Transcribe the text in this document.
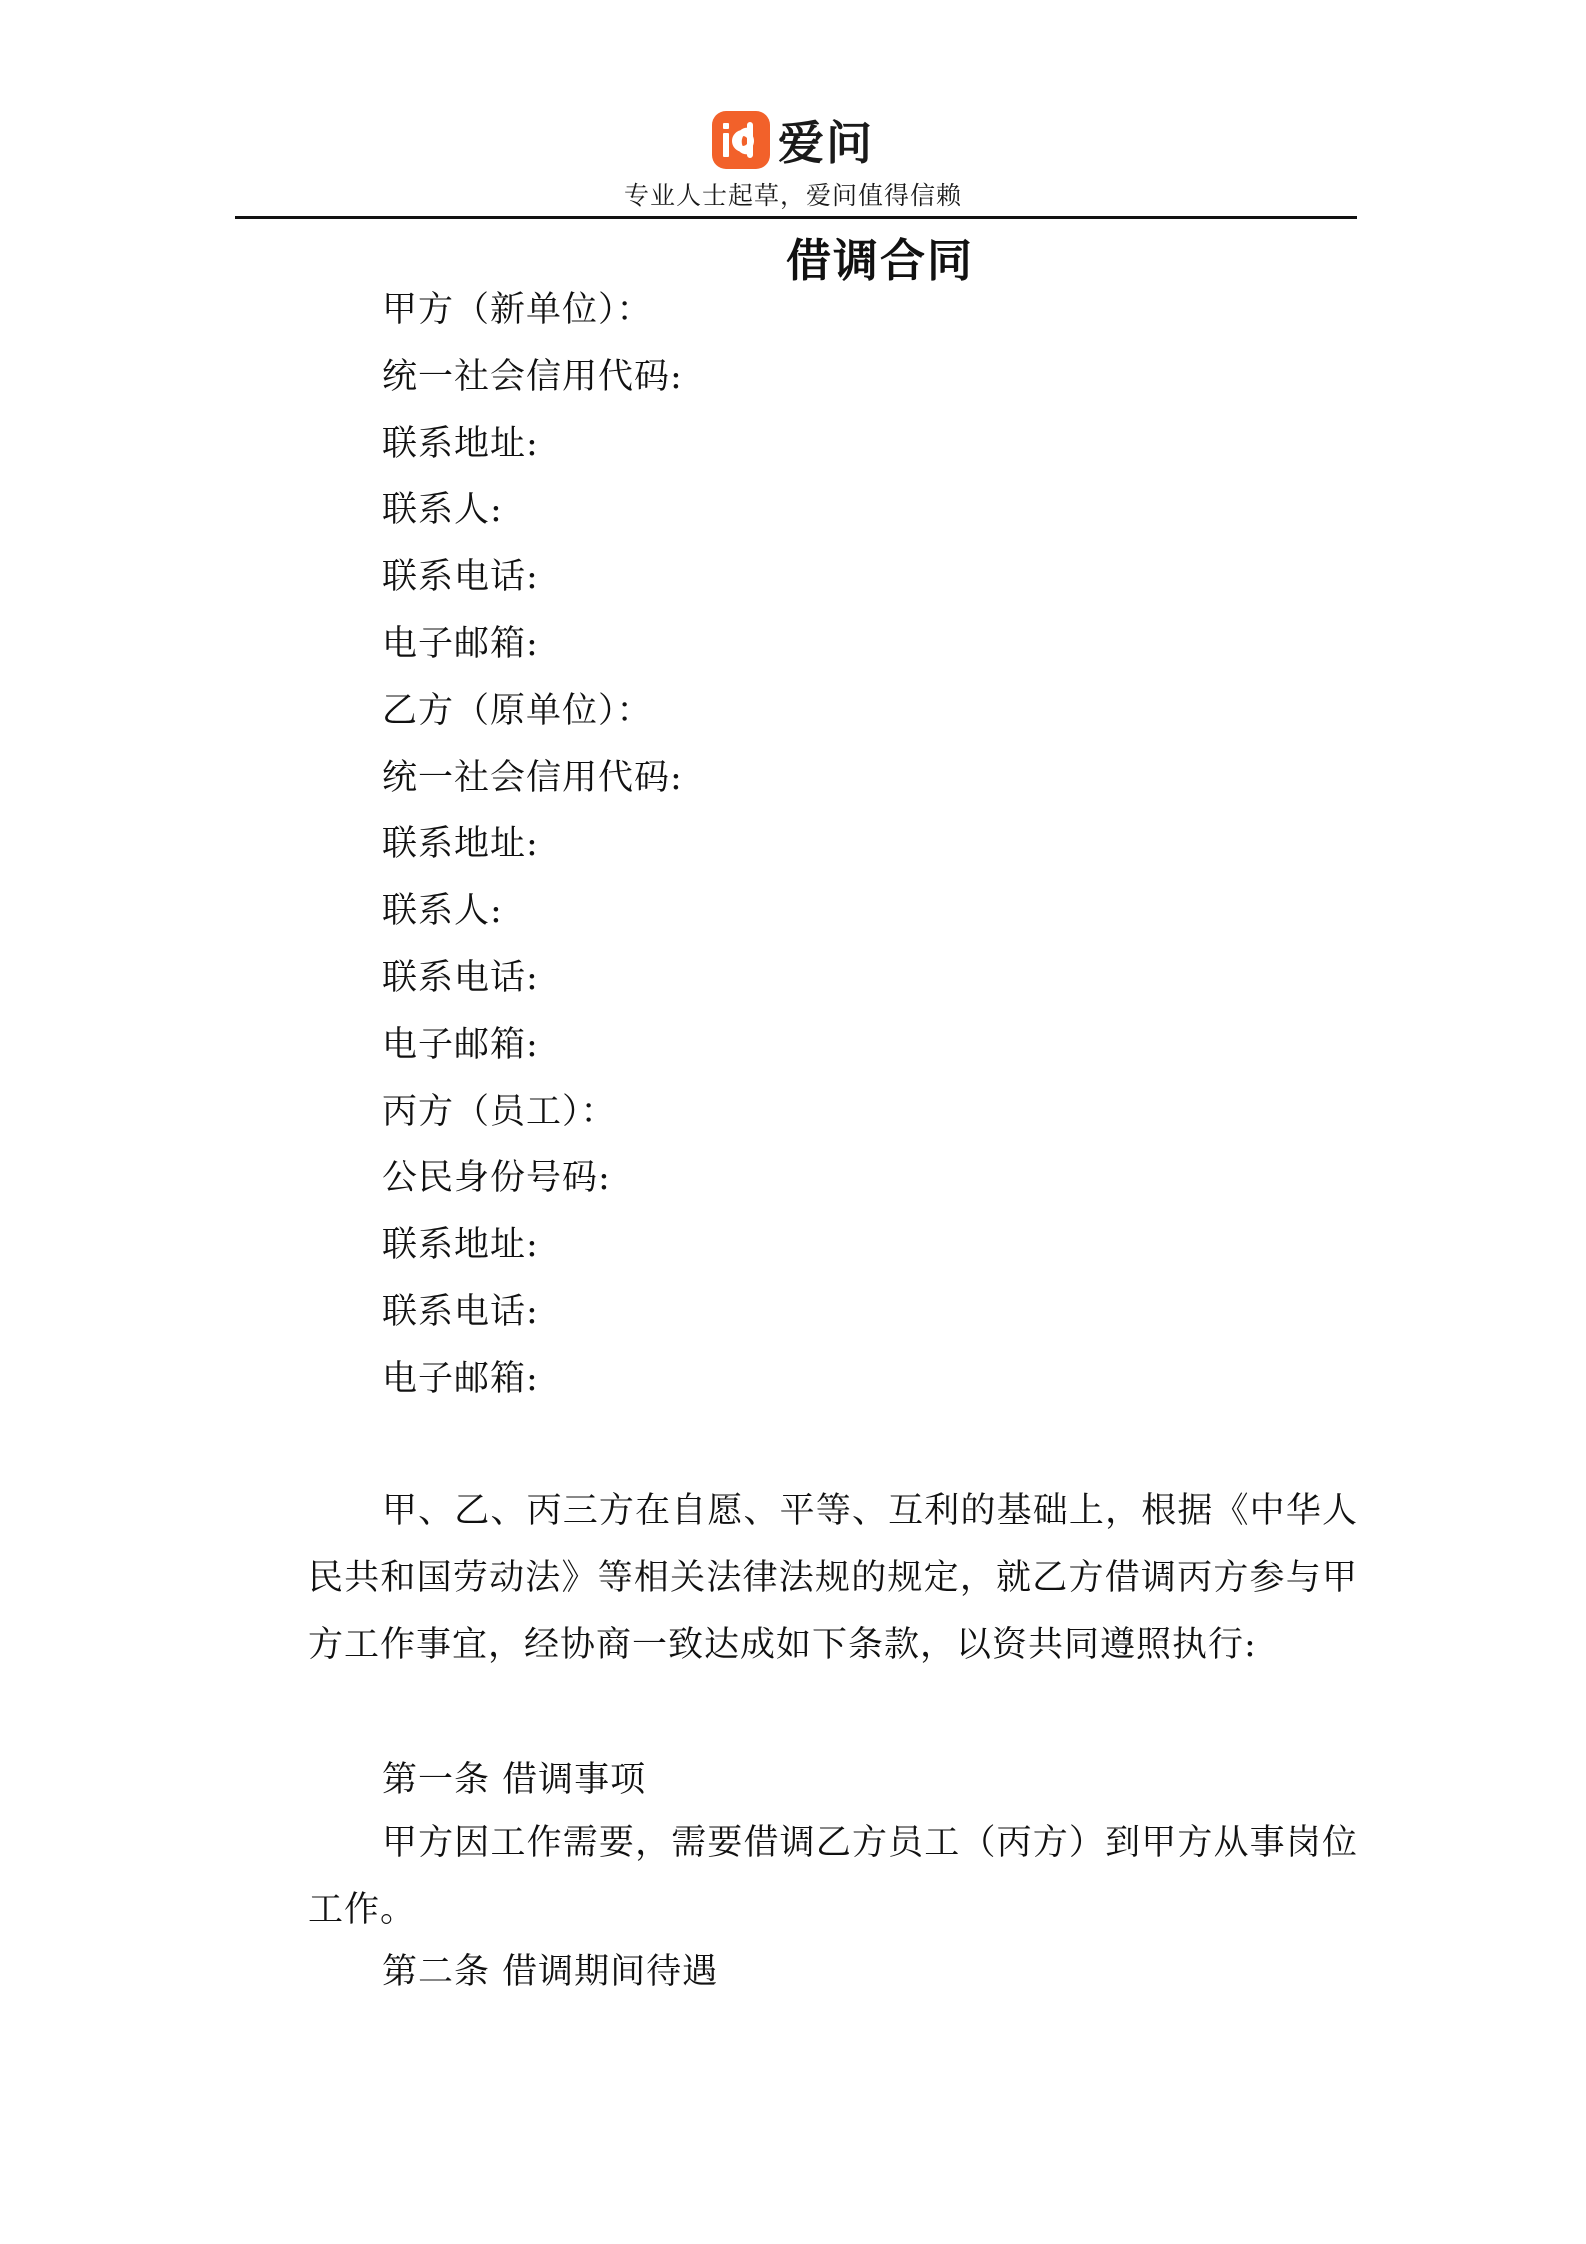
爱问
专业人士起草，爱问值得信赖
借调合同
甲方（新单位）：
统一社会信用代码:
联系地址:
联系人:
联系电话:
电子邮箱:
乙方（原单位）：
统一社会信用代码:
联系地址:
联系人:
联系电话:
电子邮箱:
丙方（员工）：
公民身份号码:
联系地址:
联系电话:
电子邮箱:

甲、乙、丙三方在自愿、平等、互利的基础上，根据《中华人民共和国劳动法》等相关法律法规的规定，就乙方借调丙方参与甲方工作事宜，经协商一致达成如下条款，以资共同遵照执行:

第一条 借调事项

甲方因工作需要，需要借调乙方员工（丙方）到甲方从事岗位工作。

第二条 借调期间待遇
